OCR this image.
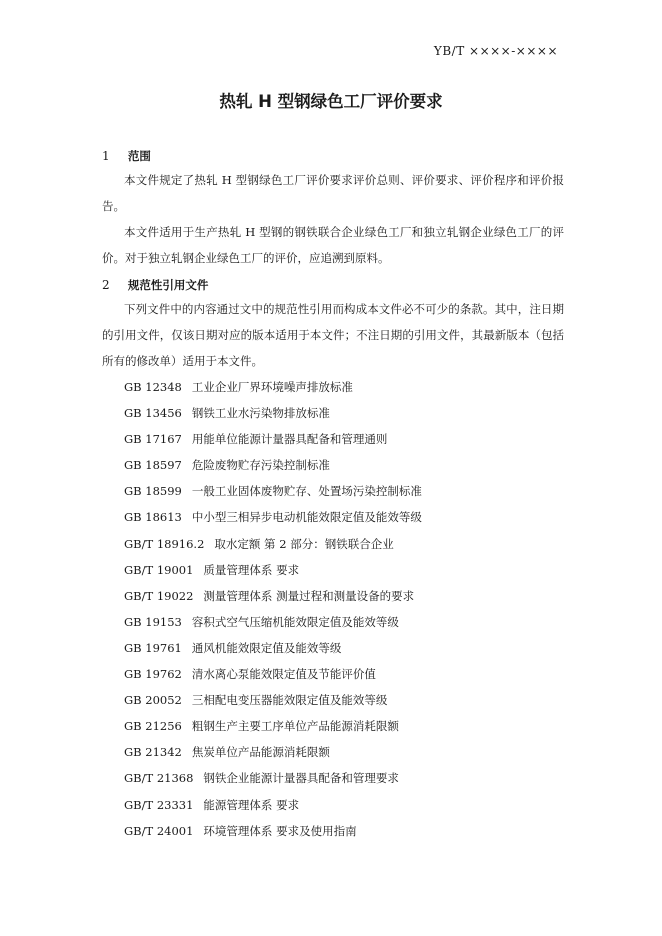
YB/T ××××-××××
热轧 H 型钢绿色工厂评价要求
1 范围

本文件规定了热轧 H 型钢绿色工厂评价要求评价总则、评价要求、评价程序和评价报告。

本文件适用于生产热轧 H 型钢的钢铁联合企业绿色工厂和独立轧钢企业绿色工厂的评价。对于独立轧钢企业绿色工厂的评价，应追溯到原料。

2 规范性引用文件

下列文件中的内容通过文中的规范性引用而构成本文件必不可少的条款。其中，注日期的引用文件，仅该日期对应的版本适用于本文件；不注日期的引用文件，其最新版本（包括所有的修改单）适用于本文件。

GB 12348 工业企业厂界环境噪声排放标准
GB 13456 钢铁工业水污染物排放标准
GB 17167 用能单位能源计量器具配备和管理通则
GB 18597 危险废物贮存污染控制标准
GB 18599 一般工业固体废物贮存、处置场污染控制标准
GB 18613 中小型三相异步电动机能效限定值及能效等级
GB/T 18916.2 取水定额 第 2 部分：钢铁联合企业
GB/T 19001 质量管理体系 要求
GB/T 19022 测量管理体系 测量过程和测量设备的要求
GB 19153 容积式空气压缩机能效限定值及能效等级
GB 19761 通风机能效限定值及能效等级
GB 19762 清水离心泵能效限定值及节能评价值
GB 20052 三相配电变压器能效限定值及能效等级
GB 21256 粗钢生产主要工序单位产品能源消耗限额
GB 21342 焦炭单位产品能源消耗限额
GB/T 21368 钢铁企业能源计量器具配备和管理要求
GB/T 23331 能源管理体系 要求
GB/T 24001 环境管理体系 要求及使用指南
